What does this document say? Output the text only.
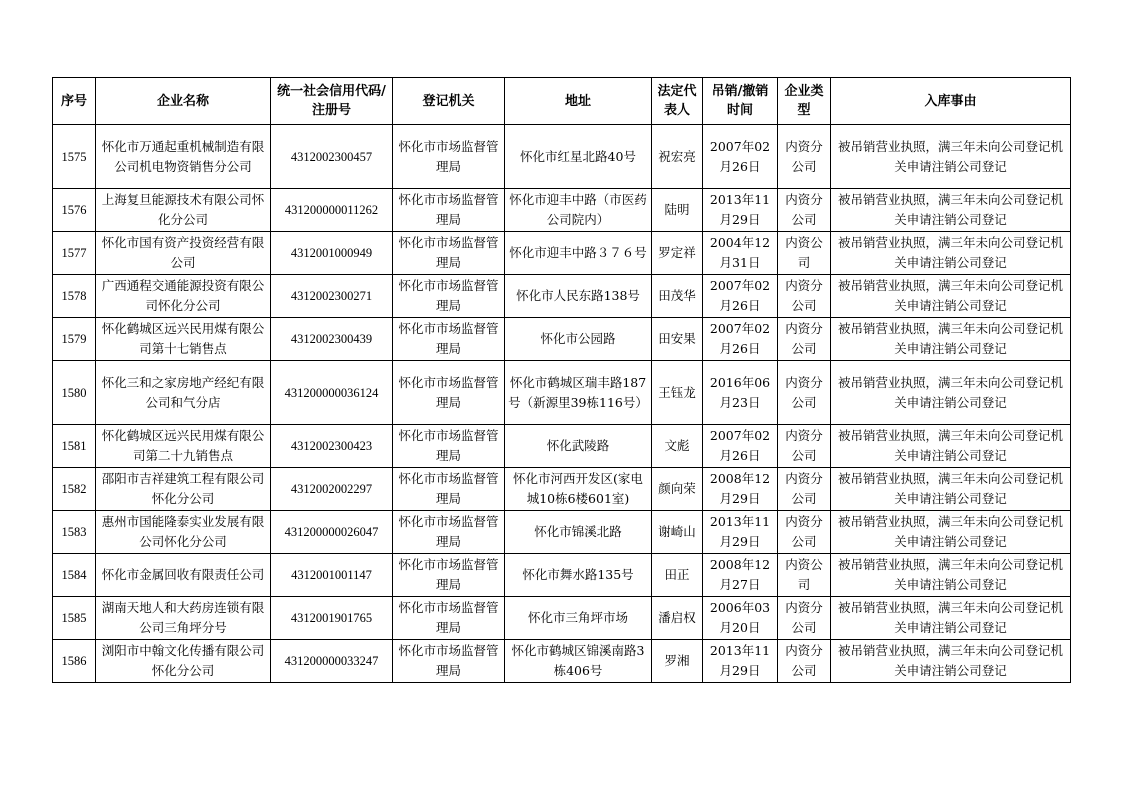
序号	企业名称	统一社会信用代码/注册号	登记机关	地址	法定代表人	吊销/撤销时间	企业类型	入库事由
1575	怀化市万通起重机械制造有限公司机电物资销售分公司	4312002300457	怀化市市场监督管理局	怀化市红星北路40号	祝宏亮	2007年02月26日	内资分公司	被吊销营业执照，满三年未向公司登记机关申请注销公司登记
1576	上海复旦能源技术有限公司怀化分公司	431200000011262	怀化市市场监督管理局	怀化市迎丰中路（市医药公司院内）	陆明	2013年11月29日	内资分公司	被吊销营业执照，满三年未向公司登记机关申请注销公司登记
1577	怀化市国有资产投资经营有限公司	4312001000949	怀化市市场监督管理局	怀化市迎丰中路３７６号	罗定祥	2004年12月31日	内资公司	被吊销营业执照，满三年未向公司登记机关申请注销公司登记
1578	广西通程交通能源投资有限公司怀化分公司	4312002300271	怀化市市场监督管理局	怀化市人民东路138号	田茂华	2007年02月26日	内资分公司	被吊销营业执照，满三年未向公司登记机关申请注销公司登记
1579	怀化鹤城区远兴民用煤有限公司第十七销售点	4312002300439	怀化市市场监督管理局	怀化市公园路	田安果	2007年02月26日	内资分公司	被吊销营业执照，满三年未向公司登记机关申请注销公司登记
1580	怀化三和之家房地产经纪有限公司和气分店	431200000036124	怀化市市场监督管理局	怀化市鹤城区瑞丰路187号（新源里39栋116号）	王钰龙	2016年06月23日	内资分公司	被吊销营业执照，满三年未向公司登记机关申请注销公司登记
1581	怀化鹤城区远兴民用煤有限公司第二十九销售点	4312002300423	怀化市市场监督管理局	怀化武陵路	文彪	2007年02月26日	内资分公司	被吊销营业执照，满三年未向公司登记机关申请注销公司登记
1582	邵阳市吉祥建筑工程有限公司怀化分公司	4312002002297	怀化市市场监督管理局	怀化市河西开发区(家电城10栋6楼601室)	颜向荣	2008年12月29日	内资分公司	被吊销营业执照，满三年未向公司登记机关申请注销公司登记
1583	惠州市国能隆泰实业发展有限公司怀化分公司	431200000026047	怀化市市场监督管理局	怀化市锦溪北路	谢崎山	2013年11月29日	内资分公司	被吊销营业执照，满三年未向公司登记机关申请注销公司登记
1584	怀化市金属回收有限责任公司	4312001001147	怀化市市场监督管理局	怀化市舞水路135号	田正	2008年12月27日	内资公司	被吊销营业执照，满三年未向公司登记机关申请注销公司登记
1585	湖南天地人和大药房连锁有限公司三角坪分号	4312001901765	怀化市市场监督管理局	怀化市三角坪市场	潘启权	2006年03月20日	内资分公司	被吊销营业执照，满三年未向公司登记机关申请注销公司登记
1586	浏阳市中翰文化传播有限公司怀化分公司	431200000033247	怀化市市场监督管理局	怀化市鹤城区锦溪南路3栋406号	罗湘	2013年11月29日	内资分公司	被吊销营业执照，满三年未向公司登记机关申请注销公司登记
